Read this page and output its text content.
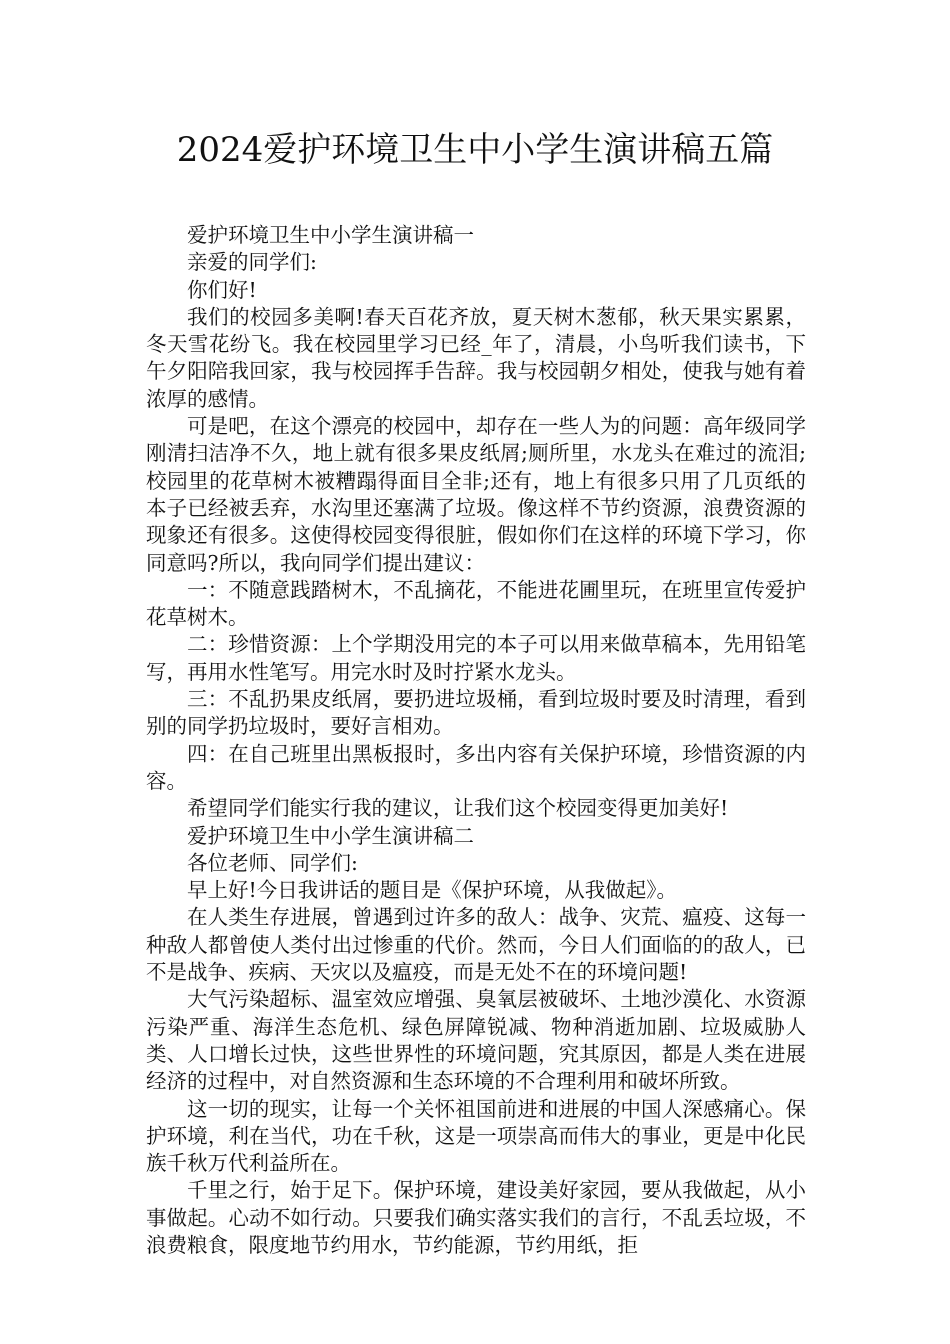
2024爱护环境卫生中小学生演讲稿五篇

爱护环境卫生中小学生演讲稿一

亲爱的同学们:

你们好!

我们的校园多美啊!春天百花齐放，夏天树木葱郁，秋天果实累累，冬天雪花纷飞。我在校园里学习已经_年了，清晨，小鸟听我们读书，下午夕阳陪我回家，我与校园挥手告辞。我与校园朝夕相处，使我与她有着浓厚的感情。

可是吧，在这个漂亮的校园中，却存在一些人为的问题：高年级同学刚清扫洁净不久，地上就有很多果皮纸屑;厕所里，水龙头在难过的流泪;校园里的花草树木被糟蹋得面目全非;还有，地上有很多只用了几页纸的本子已经被丢弃，水沟里还塞满了垃圾。像这样不节约资源，浪费资源的现象还有很多。这使得校园变得很脏，假如你们在这样的环境下学习，你同意吗?所以，我向同学们提出建议：

一：不随意践踏树木，不乱摘花，不能进花圃里玩，在班里宣传爱护花草树木。

二：珍惜资源：上个学期没用完的本子可以用来做草稿本，先用铅笔写，再用水性笔写。用完水时及时拧紧水龙头。

三：不乱扔果皮纸屑，要扔进垃圾桶，看到垃圾时要及时清理，看到别的同学扔垃圾时，要好言相劝。

四：在自己班里出黑板报时，多出内容有关保护环境，珍惜资源的内容。

希望同学们能实行我的建议，让我们这个校园变得更加美好!

爱护环境卫生中小学生演讲稿二

各位老师、同学们:

早上好!今日我讲话的题目是《保护环境，从我做起》。

在人类生存进展，曾遇到过许多的敌人：战争、灾荒、瘟疫、这每一种敌人都曾使人类付出过惨重的代价。然而，今日人们面临的的敌人，已不是战争、疾病、天灾以及瘟疫，而是无处不在的环境问题!

大气污染超标、温室效应增强、臭氧层被破坏、土地沙漠化、水资源污染严重、海洋生态危机、绿色屏障锐减、物种消逝加剧、垃圾威胁人类、人口增长过快，这些世界性的环境问题，究其原因，都是人类在进展经济的过程中，对自然资源和生态环境的不合理利用和破坏所致。

这一切的现实，让每一个关怀祖国前进和进展的中国人深感痛心。保护环境，利在当代，功在千秋，这是一项崇高而伟大的事业，更是中化民族千秋万代利益所在。

千里之行，始于足下。保护环境，建设美好家园，要从我做起，从小事做起。心动不如行动。只要我们确实落实我们的言行，不乱丢垃圾，不浪费粮食，限度地节约用水，节约能源，节约用纸，拒
